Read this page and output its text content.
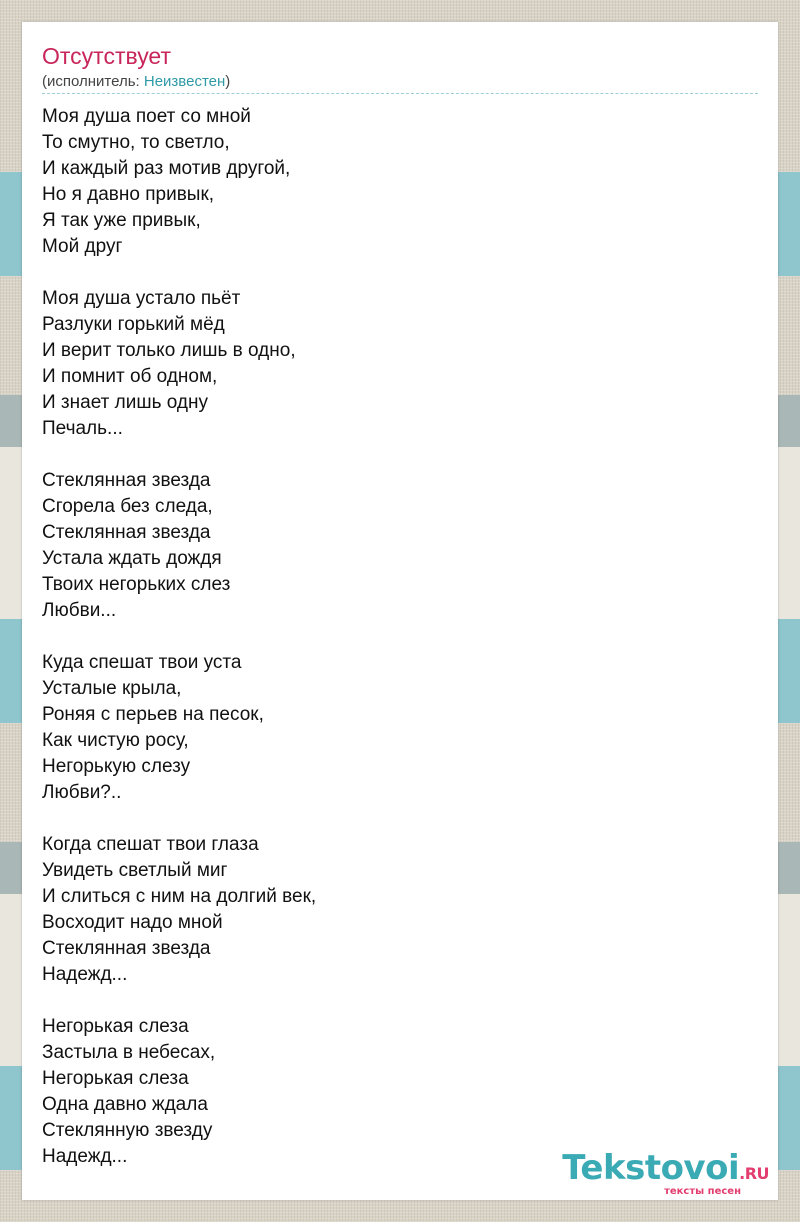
Отсутствует
(исполнитель: Неизвестен)
Моя душа поет со мной
То смутно, то светло,
И каждый раз мотив другой,
Но я давно привык,
Я так уже привык,
Мой друг
Моя душа устало пьёт
Разлуки горький мёд
И верит только лишь в одно,
И помнит об одном,
И знает лишь одну
Печаль...
Стеклянная звезда
Сгорела без следа,
Стеклянная звезда
Устала ждать дождя
Твоих негорьких слез
Любви...
Куда спешат твои уста
Усталые крыла,
Роняя с перьев на песок,
Как чистую росу,
Негорькую слезу
Любви?..
Когда спешат твои глаза
Увидеть светлый миг
И слиться с ним на долгий век,
Восходит надо мной
Стеклянная звезда
Надежд...
Негорькая слеза
Застыла в небесах,
Негорькая слеза
Одна давно ждала
Стеклянную звезду
Надежд...	Tekstovoi.RU
тексты песен
